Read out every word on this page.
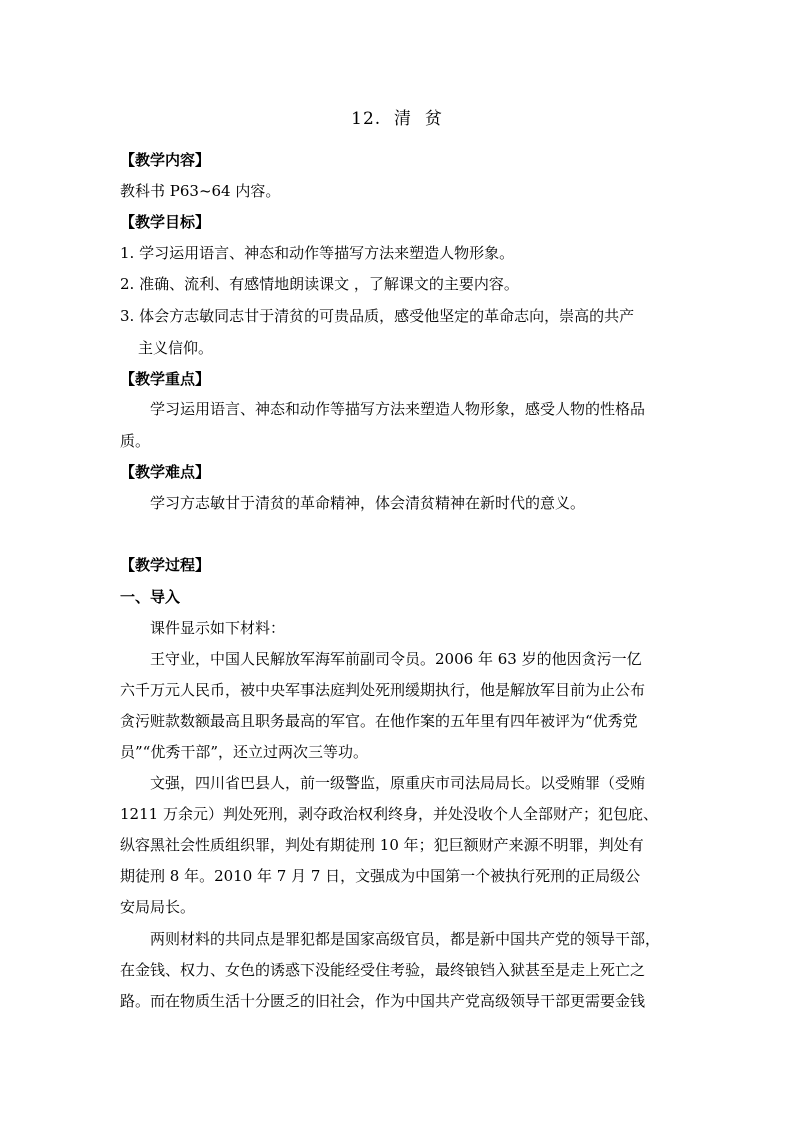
12.  清  贫
【教学内容】
教科书 P63~64 内容。
【教学目标】
1. 学习运用语言、神态和动作等描写方法来塑造人物形象。
2. 准确、流利、有感情地朗读课文 ，了解课文的主要内容。
3. 体会方志敏同志甘于清贫的可贵品质，感受他坚定的革命志向，崇高的共产
主义信仰。
【教学重点】
学习运用语言、神态和动作等描写方法来塑造人物形象，感受人物的性格品
质。
【教学难点】
学习方志敏甘于清贫的革命精神，体会清贫精神在新时代的意义。
【教学过程】
一、导入
课件显示如下材料：
王守业，中国人民解放军海军前副司令员。2006 年 63 岁的他因贪污一亿
六千万元人民币，被中央军事法庭判处死刑缓期执行，他是解放军目前为止公布
贪污赃款数额最高且职务最高的军官。在他作案的五年里有四年被评为“优秀党
员”“优秀干部”，还立过两次三等功。
文强，四川省巴县人，前一级警监，原重庆市司法局局长。以受贿罪（受贿
1211 万余元）判处死刑，剥夺政治权利终身，并处没收个人全部财产；犯包庇、
纵容黑社会性质组织罪，判处有期徒刑 10 年；犯巨额财产来源不明罪，判处有
期徒刑 8 年。2010 年 7 月 7 日，文强成为中国第一个被执行死刑的正局级公
安局局长。
两则材料的共同点是罪犯都是国家高级官员，都是新中国共产党的领导干部，
在金钱、权力、女色的诱惑下没能经受住考验，最终锒铛入狱甚至是走上死亡之
路。而在物质生活十分匮乏的旧社会，作为中国共产党高级领导干部更需要金钱
